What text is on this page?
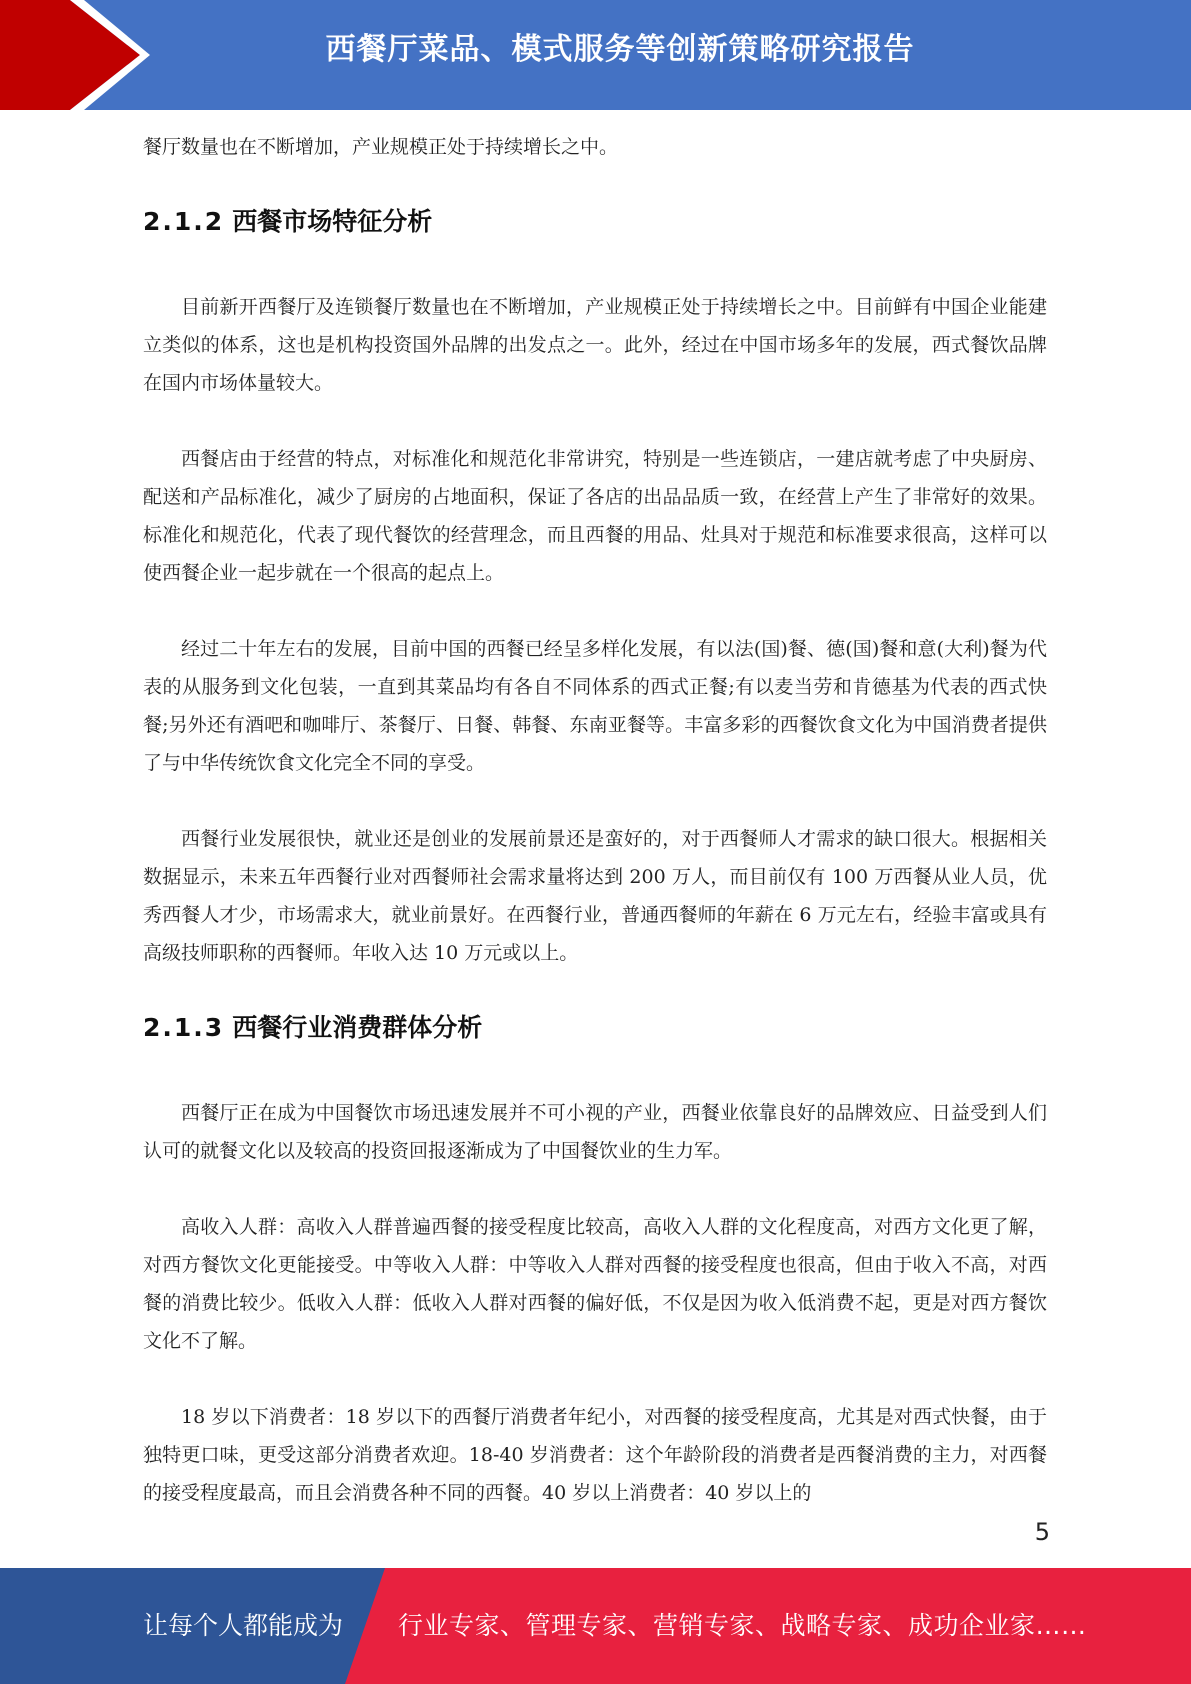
西餐厅菜品、模式服务等创新策略研究报告

餐厅数量也在不断增加，产业规模正处于持续增长之中。

2.1.2 西餐市场特征分析

目前新开西餐厅及连锁餐厅数量也在不断增加，产业规模正处于持续增长之中。目前鲜有中国企业能建立类似的体系，这也是机构投资国外品牌的出发点之一。此外，经过在中国市场多年的发展，西式餐饮品牌在国内市场体量较大。

西餐店由于经营的特点，对标准化和规范化非常讲究，特别是一些连锁店，一建店就考虑了中央厨房、配送和产品标准化，减少了厨房的占地面积，保证了各店的出品品质一致，在经营上产生了非常好的效果。标准化和规范化，代表了现代餐饮的经营理念，而且西餐的用品、灶具对于规范和标准要求很高，这样可以使西餐企业一起步就在一个很高的起点上。

经过二十年左右的发展，目前中国的西餐已经呈多样化发展，有以法(国)餐、德(国)餐和意(大利)餐为代表的从服务到文化包装，一直到其菜品均有各自不同体系的西式正餐;有以麦当劳和肯德基为代表的西式快餐;另外还有酒吧和咖啡厅、茶餐厅、日餐、韩餐、东南亚餐等。丰富多彩的西餐饮食文化为中国消费者提供了与中华传统饮食文化完全不同的享受。

西餐行业发展很快，就业还是创业的发展前景还是蛮好的，对于西餐师人才需求的缺口很大。根据相关数据显示，未来五年西餐行业对西餐师社会需求量将达到 200 万人，而目前仅有 100 万西餐从业人员，优秀西餐人才少，市场需求大，就业前景好。在西餐行业，普通西餐师的年薪在 6 万元左右，经验丰富或具有高级技师职称的西餐师。年收入达 10 万元或以上。

2.1.3 西餐行业消费群体分析

西餐厅正在成为中国餐饮市场迅速发展并不可小视的产业，西餐业依靠良好的品牌效应、日益受到人们认可的就餐文化以及较高的投资回报逐渐成为了中国餐饮业的生力军。

高收入人群：高收入人群普遍西餐的接受程度比较高，高收入人群的文化程度高，对西方文化更了解，对西方餐饮文化更能接受。中等收入人群：中等收入人群对西餐的接受程度也很高，但由于收入不高，对西餐的消费比较少。低收入人群：低收入人群对西餐的偏好低，不仅是因为收入低消费不起，更是对西方餐饮文化不了解。

18 岁以下消费者：18 岁以下的西餐厅消费者年纪小，对西餐的接受程度高，尤其是对西式快餐，由于独特更口味，更受这部分消费者欢迎。18-40 岁消费者：这个年龄阶段的消费者是西餐消费的主力，对西餐的接受程度最高，而且会消费各种不同的西餐。40 岁以上消费者：40 岁以上的

5
让每个人都能成为 行业专家、管理专家、营销专家、战略专家、成功企业家……
